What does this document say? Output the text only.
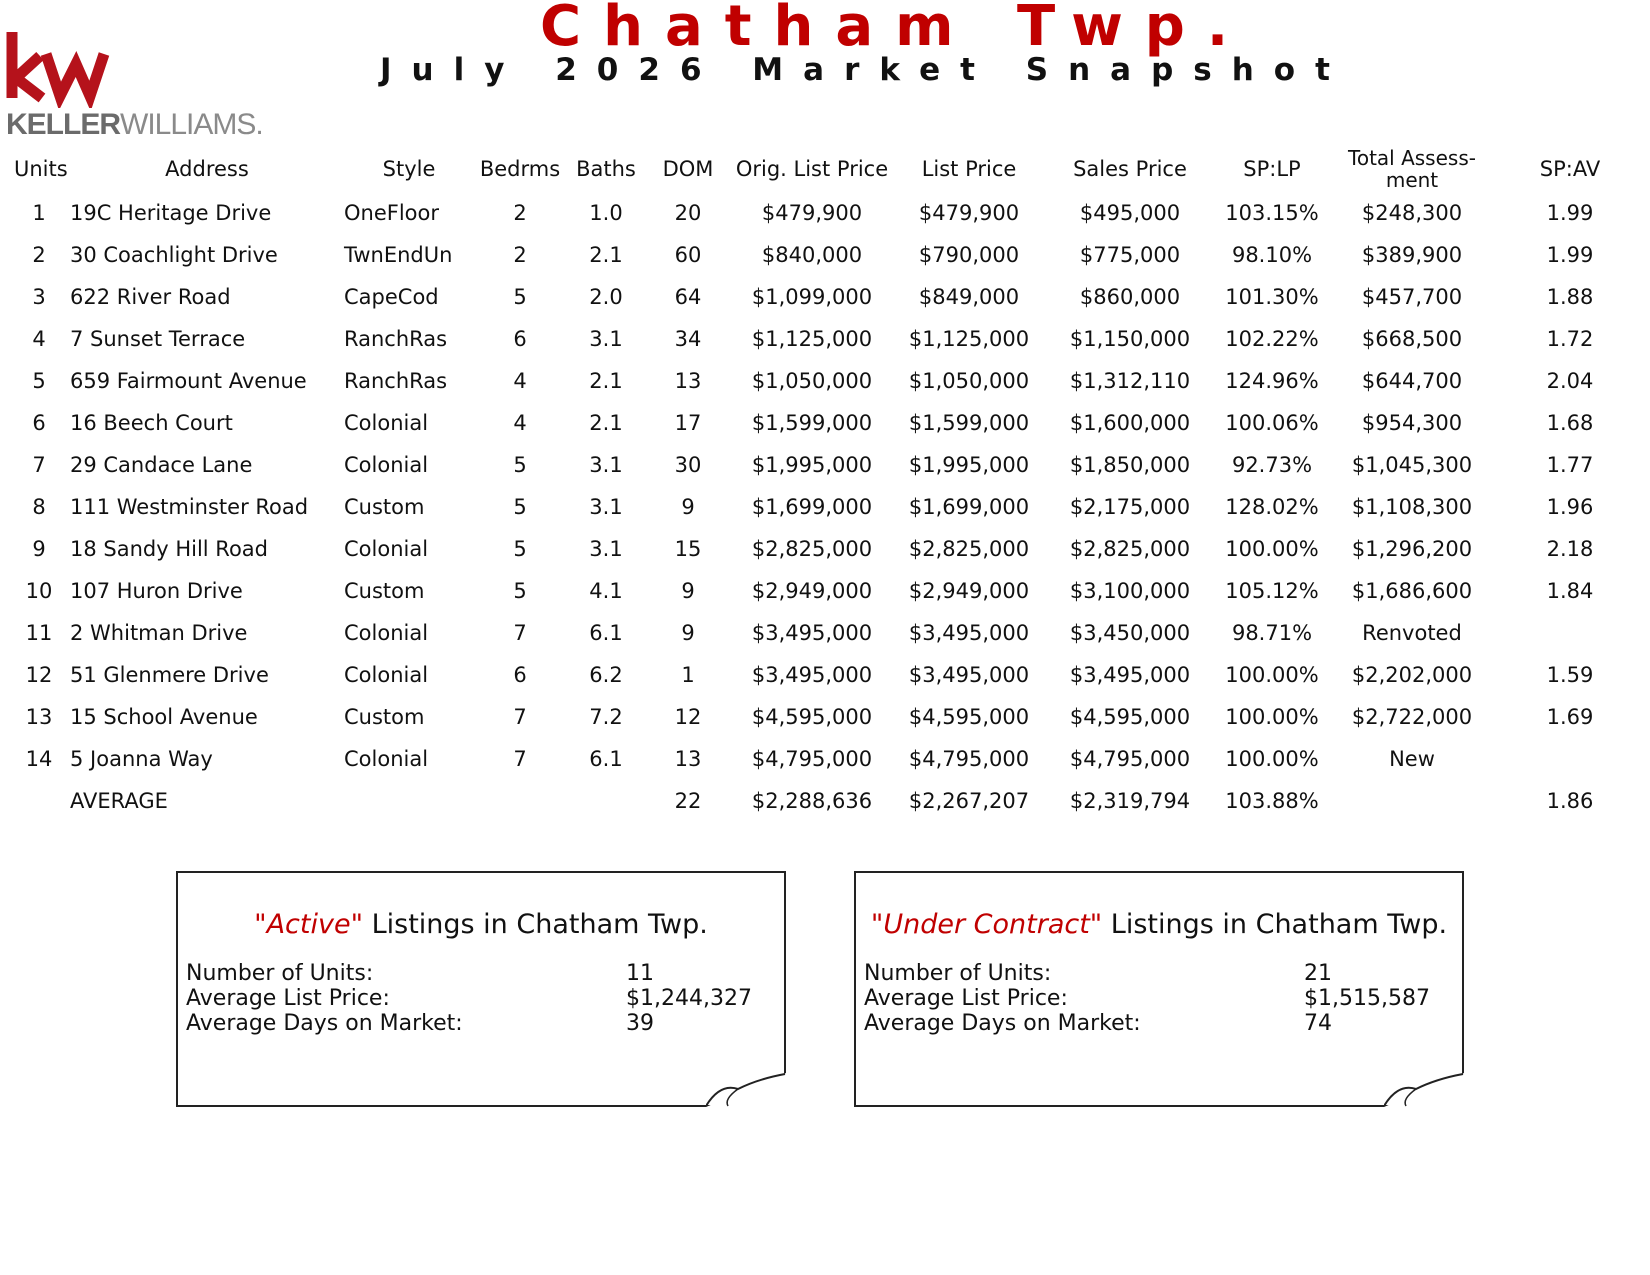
KELLERWILLIAMS.
Chatham Twp.
July 2026 Market Snapshot
Units	Address	Style	Bedrms	Baths	DOM	Orig. List Price	List Price	Sales Price	SP:LP	Total Assess-ment	SP:AV
1	19C Heritage Drive	OneFloor	2	1.0	20	$479,900	$479,900	$495,000	103.15%	$248,300	1.99
2	30 Coachlight Drive	TwnEndUn	2	2.1	60	$840,000	$790,000	$775,000	98.10%	$389,900	1.99
3	622 River Road	CapeCod	5	2.0	64	$1,099,000	$849,000	$860,000	101.30%	$457,700	1.88
4	7 Sunset Terrace	RanchRas	6	3.1	34	$1,125,000	$1,125,000	$1,150,000	102.22%	$668,500	1.72
5	659 Fairmount Avenue	RanchRas	4	2.1	13	$1,050,000	$1,050,000	$1,312,110	124.96%	$644,700	2.04
6	16 Beech Court	Colonial	4	2.1	17	$1,599,000	$1,599,000	$1,600,000	100.06%	$954,300	1.68
7	29 Candace Lane	Colonial	5	3.1	30	$1,995,000	$1,995,000	$1,850,000	92.73%	$1,045,300	1.77
8	111 Westminster Road	Custom	5	3.1	9	$1,699,000	$1,699,000	$2,175,000	128.02%	$1,108,300	1.96
9	18 Sandy Hill Road	Colonial	5	3.1	15	$2,825,000	$2,825,000	$2,825,000	100.00%	$1,296,200	2.18
10	107 Huron Drive	Custom	5	4.1	9	$2,949,000	$2,949,000	$3,100,000	105.12%	$1,686,600	1.84
11	2 Whitman Drive	Colonial	7	6.1	9	$3,495,000	$3,495,000	$3,450,000	98.71%	Renvoted	
12	51 Glenmere Drive	Colonial	6	6.2	1	$3,495,000	$3,495,000	$3,495,000	100.00%	$2,202,000	1.59
13	15 School Avenue	Custom	7	7.2	12	$4,595,000	$4,595,000	$4,595,000	100.00%	$2,722,000	1.69
14	5 Joanna Way	Colonial	7	6.1	13	$4,795,000	$4,795,000	$4,795,000	100.00%	New	
	AVERAGE				22	$2,288,636	$2,267,207	$2,319,794	103.88%		1.86
"Active" Listings in Chatham Twp.
Number of Units:	11
Average List Price:	$1,244,327
Average Days on Market:	39
"Under Contract" Listings in Chatham Twp.
Number of Units:	21
Average List Price:	$1,515,587
Average Days on Market:	74
